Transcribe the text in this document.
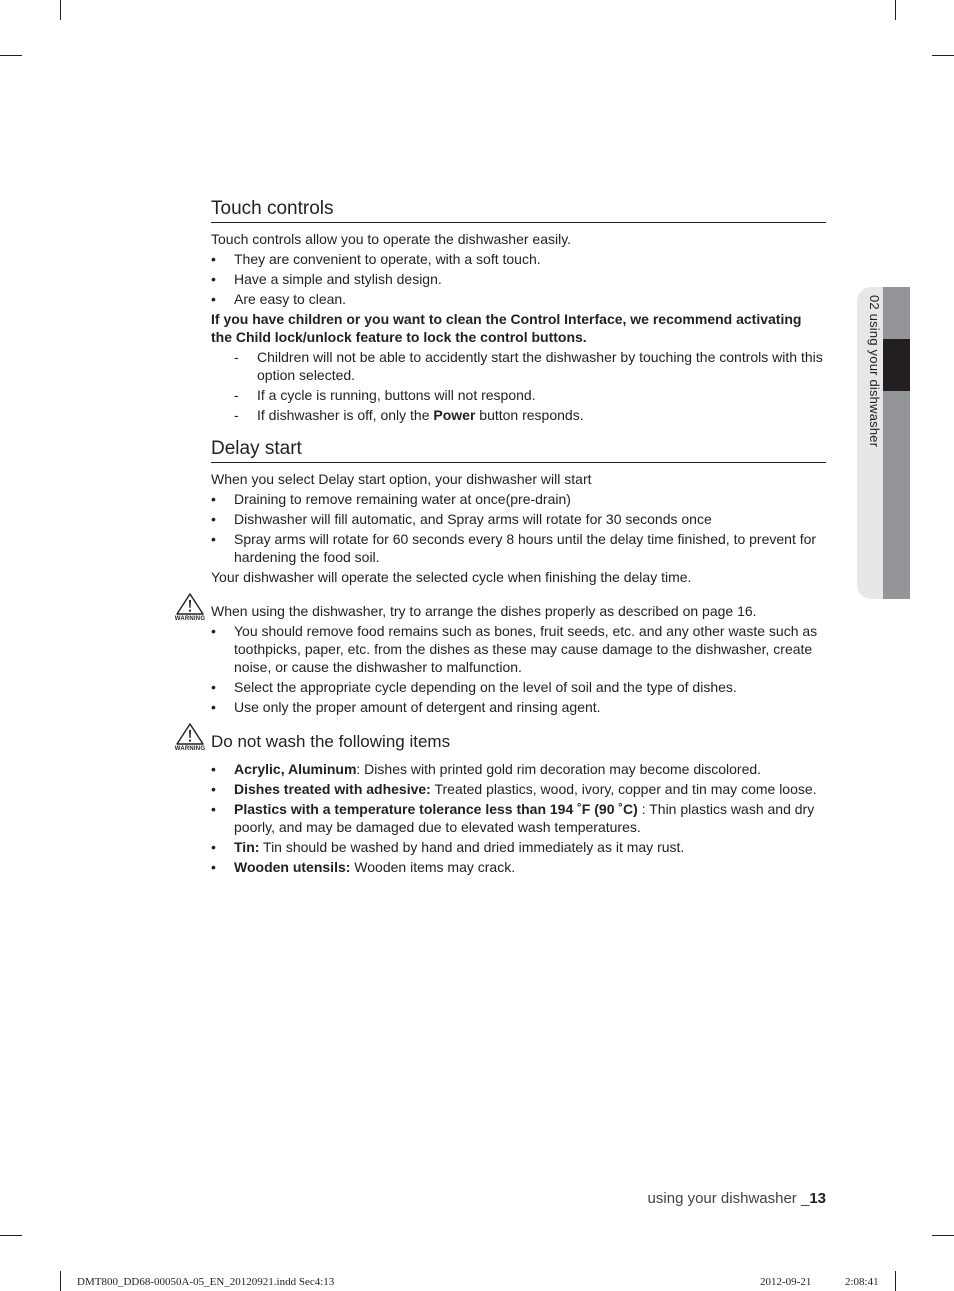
02 using your dishwasher
Touch controls

Touch controls allow you to operate the dishwasher easily.

• They are convenient to operate, with a soft touch.
• Have a simple and stylish design.
• Are easy to clean.

If you have children or you want to clean the Control Interface, we recommend activating the Child lock/unlock feature to lock the control buttons.

- Children will not be able to accidently start the dishwasher by touching the controls with this option selected.
- If a cycle is running, buttons will not respond.
- If dishwasher is off, only the Power button responds.
Delay start

When you select Delay start option, your dishwasher will start

• Draining to remove remaining water at once(pre-drain)
• Dishwasher will fill automatic, and Spray arms will rotate for 30 seconds once
• Spray arms will rotate for 60 seconds every 8 hours until the delay time finished, to prevent for hardening the food soil.

Your dishwasher will operate the selected cycle when finishing the delay time.

WARNING When using the dishwasher, try to arrange the dishes properly as described on page 16.

• You should remove food remains such as bones, fruit seeds, etc. and any other waste such as toothpicks, paper, etc. from the dishes as these may cause damage to the dishwasher, create noise, or cause the dishwasher to malfunction.
• Select the appropriate cycle depending on the level of soil and the type of dishes.
• Use only the proper amount of detergent and rinsing agent.
WARNING Do not wash the following items
• Acrylic, Aluminum: Dishes with printed gold rim decoration may become discolored.
• Dishes treated with adhesive: Treated plastics, wood, ivory, copper and tin may come loose.
• Plastics with a temperature tolerance less than 194 ˚F (90 ˚C) : Thin plastics wash and dry poorly, and may be damaged due to elevated wash temperatures.
• Tin: Tin should be washed by hand and dried immediately as it may rust.
• Wooden utensils: Wooden items may crack.
using your dishwasher _13
DMT800_DD68-00050A-05_EN_20120921.indd Sec4:13	2012-09-21	2:08:41
